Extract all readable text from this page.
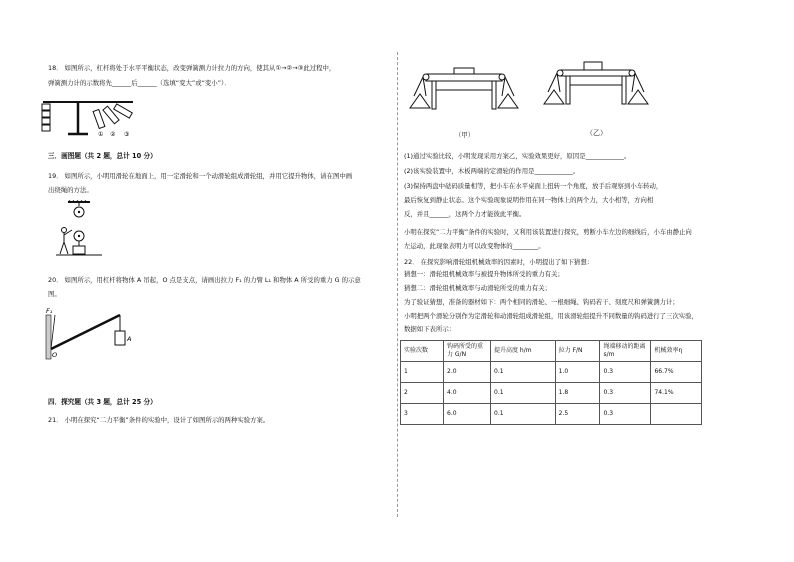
18． 如图所示，杠杆将处于水平平衡状态，改变弹簧测力计拉力的方向，使其从①→②→③此过程中，
弹簧测力计的示数将先______后______（选填“变大”或“变小”）．
① ② ③
三．画图题（共 2 题，总计 10 分）
19． 如图所示，小明用滑轮在地面上，用一定滑轮和一个动滑轮组成滑轮组，并用它提升物体，请在图中画
出绕绳的方法。
20． 如图所示，用杠杆将物体 A 吊起，O 点是支点，请画出拉力 F₁ 的力臂 L₁ 和物体 A 所受的重力 G 的示意
图。
F₁
A
O
四．探究题（共 3 题，总计 25 分）
21． 小明在探究“二力平衡”条件的实验中，设计了如图所示的两种实验方案。
（甲）	（乙）
(1)通过实验比较，小明发现采用方案乙，实验效果更好，原因是____________。
(2)该实验装置中，木板两端的定滑轮的作用是____________。
(3)保持两盘中砝码质量相等，把小车在水平桌面上扭转一个角度，放手后观察到小车转动，
最后恢复到静止状态。这个实验现象说明作用在同一物体上的两个力，大小相等，方向相
反，并且______，这两个力才能彼此平衡。
小明在探究“二力平衡”条件的实验时，又利用该装置进行探究，剪断小车左边的细线后，小车由静止向
左运动，此现象表明力可以改变物体的________。
22． 在探究影响滑轮组机械效率的因素时，小明提出了如下猜想：
猜想一：滑轮组机械效率与被提升物体所受的重力有关；
猜想二：滑轮组机械效率与动滑轮所受的重力有关；
为了验证猜想，准备的器材如下：两个相同的滑轮、一根细绳、钩码若干、刻度尺和弹簧测力计；
小明把两个滑轮分别作为定滑轮和动滑轮组成滑轮组，用该滑轮组提升不同数量的钩码进行了三次实验，
数据如下表所示：
实验次数	钩码所受的重力 G/N	提升高度 h/m	拉力 F/N	绳端移动的距离 s/m	机械效率η
1	2.0	0.1	1.0	0.3	66.7%
2	4.0	0.1	1.8	0.3	74.1%
3	6.0	0.1	2.5	0.3	
